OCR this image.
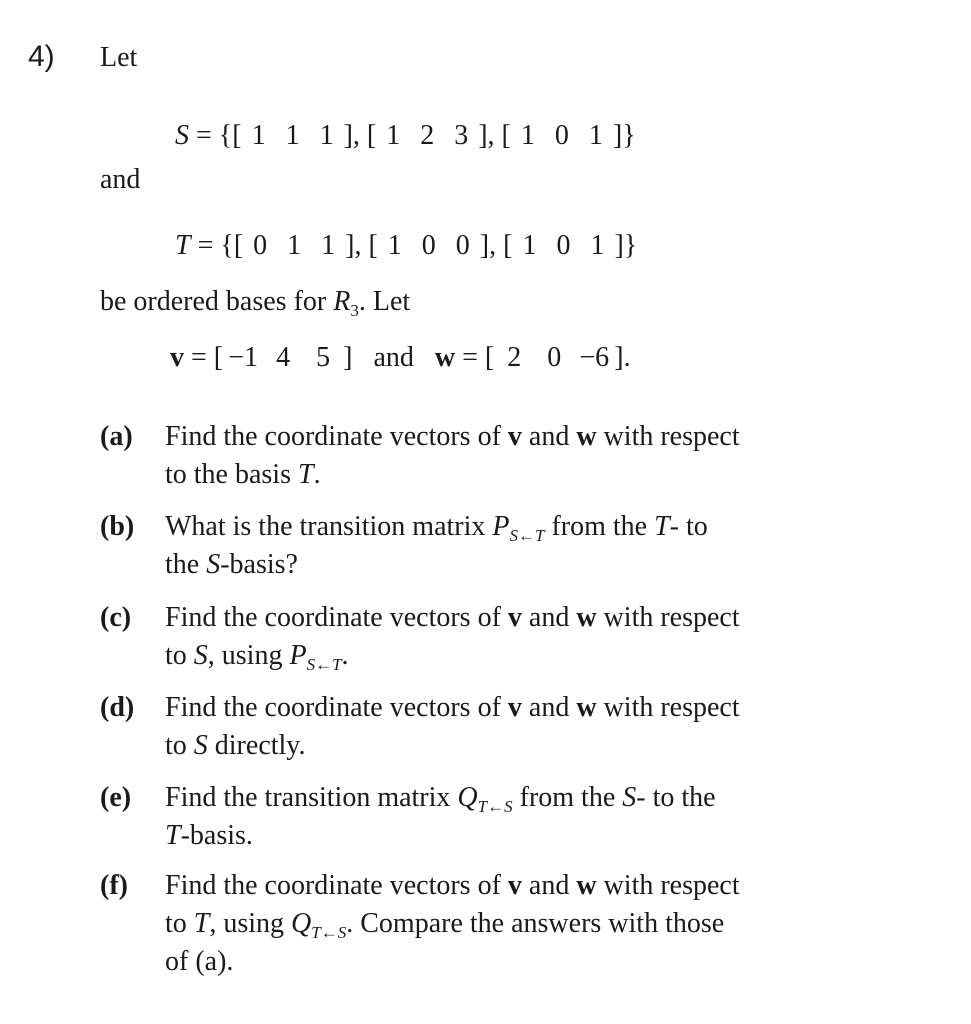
4) Let
S = {[ 1 1 1 ], [ 1 2 3 ], [ 1 0 1 ]}
and
T = {[ 0 1 1 ], [ 1 0 0 ], [ 1 0 1 ]}
be ordered bases for $R_3$. Let
v = [ −1 4 5 ] and w = [ 2 0 −6 ].
(a) Find the coordinate vectors of v and w with respect
to the basis T.
(b) What is the transition matrix $P_{S\leftarrow T}$ from the T- to
the S-basis?
(c) Find the coordinate vectors of v and w with respect
to S, using $P_{S\leftarrow T}$.
(d) Find the coordinate vectors of v and w with respect
to S directly.
(e) Find the transition matrix $Q_{T\leftarrow S}$ from the S- to the
T-basis.
(f) Find the coordinate vectors of v and w with respect
to T, using $Q_{T\leftarrow S}$. Compare the answers with those
of (a).
